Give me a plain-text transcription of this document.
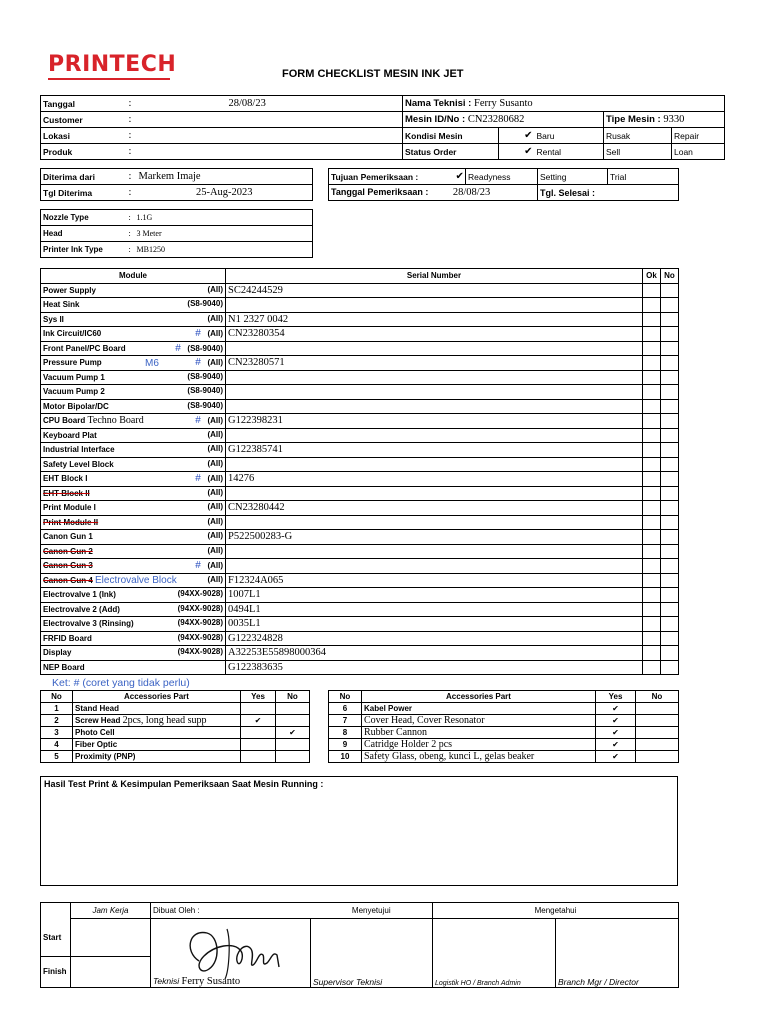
PRINTECH	FORM CHECKLIST MESIN INK JET
Tanggal	:	28/08/23	Nama Teknisi : Ferry Susanto					
Customer	:		Mesin ID/No : CN23280682			Tipe Mesin : 9330		
Lokasi	:		Kondisi Mesin	✔	Baru	Rusak	Repair	
Produk	:		Status Order	✔	Rental	Sell	Loan	
Diterima dari	:	Markem Imaje
Tgl Diterima	:	25-Aug-2023
Tujuan Pemeriksaan :	✔	Readyness	Setting	Trial
Tanggal Pemeriksaan : 28/08/23			Tgl. Selesai :	
Nozzle Type	:	1.1G
Head	:	3 Meter
Printer Ink Type	:	MB1250
Module	Serial Number	Ok	No
Power Supply (All)	SC24244529		
Heat Sink (S8-9040)			

Sys II (All)	N1 2327 0042		
Ink Circuit/IC60 # (All)	CN23280354		
Front Panel/PC Board # (S8-9040)			

Pressure Pump M6 # (All)	CN23280571		
Vacuum Pump 1 (S8-9040)			

Vacuum Pump 2 (S8-9040)			

Motor Bipolar/DC (S8-9040)			

CPU Board Techno Board # (All)	G122398231		
Keyboard Plat (All)			

Industrial Interface (All)	G122385741		
Safety Level Block (All)			

EHT Block I # (All)	14276		
EHT Block II (All)			

Print Module I (All)	CN23280442		
Print Module II (All)			

Canon Gun 1 (All)	P522500283-G		
Canon Gun 2 (All)			

Canon Gun 3 # (All)			

Canon Gun 4 Electrovalve Block (All)	F12324A065		
Electrovalve 1 (Ink) (94XX-9028)	1007L1		
Electrovalve 2 (Add) (94XX-9028)	0494L1		
Electrovalve 3 (Rinsing) (94XX-9028)	0035L1		
FRFID Board (94XX-9028)	G122324828		
Display (94XX-9028)	A32253E55898000364		
NEP Board	G122383635		
Ket: # (coret yang tidak perlu)
No	Accessories Part	Yes	No
1	Stand Head		
2	Screw Head 2pcs, long head supp	✔	
3	Photo Cell		✔
4	Fiber Optic		
5	Proximity (PNP)		
No	Accessories Part	Yes	No
6	Kabel Power	✔	
7	Cover Head, Cover Resonator	✔	
8	Rubber Cannon	✔	
9	Catridge Holder 2 pcs	✔	
10	Safety Glass, obeng, kunci L, gelas beaker	✔	
Hasil Test Print & Kesimpulan Pemeriksaan Saat Mesin Running :
	Jam Kerja	Dibuat Oleh :	Menyetujui	Mengetahui	
Start		Teknisi Ferry Susanto	Supervisor Teknisi	Logistik HO / Branch Admin	Branch Mgr / Director
Finish					
